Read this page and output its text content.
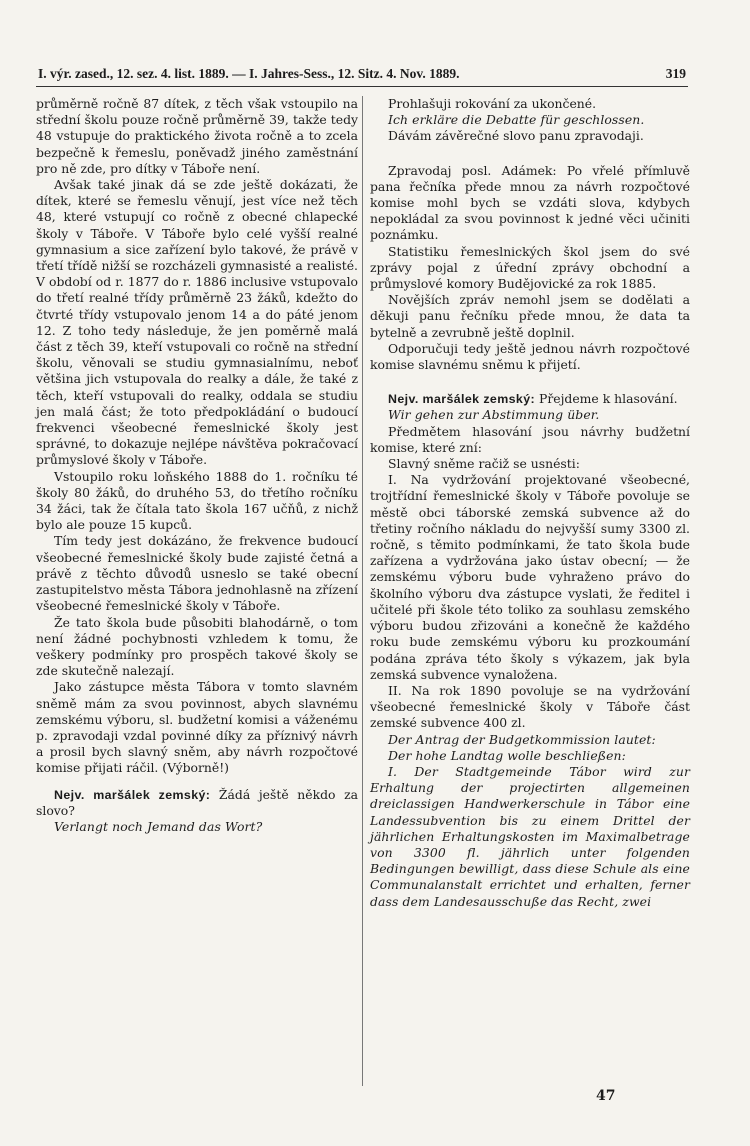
I. výr. zased., 12. sez. 4. list. 1889. — I. Jahres-Sess., 12. Sitz. 4. Nov. 1889.	319

průměrně ročně 87 dítek, z těch však vstoupilo na střední školu pouze ročně průměrně 39, takže tedy 48 vstupuje do praktického života ročně a to zcela bezpečně k řemeslu, poněvadž jiného zaměstnání pro ně zde, pro dítky v Táboře není.

Avšak také jinak dá se zde ještě dokázati, že dítek, které se řemeslu věnují, jest více než těch 48, které vstupují co ročně z obecné chlapecké školy v Táboře. V Táboře bylo celé vyšší realné gymnasium a sice zařízení bylo takové, že právě v třetí třídě nižší se rozcházeli gymnasisté a realisté. V období od r. 1877 do r. 1886 inclusive vstupovalo do třetí realné třídy průměrně 23 žáků, kdežto do čtvrté třídy vstupovalo jenom 14 a do páté jenom 12. Z toho tedy následuje, že jen poměrně malá část z těch 39, kteří vstupovali co ročně na střední školu, věnovali se studiu gymnasialnímu, neboť většina jich vstupovala do realky a dále, že také z těch, kteří vstupovali do realky, oddala se studiu jen malá část; že toto předpokládání o budoucí frekvenci všeobecné řemeslnické školy jest správné, to dokazuje nejlépe návštěva pokračovací průmyslové školy v Táboře.

Vstoupilo roku loňského 1888 do 1. ročníku té školy 80 žáků, do druhého 53, do třetího ročníku 34 žáci, tak že čítala tato škola 167 učňů, z nichž bylo ale pouze 15 kupců.

Tím tedy jest dokázáno, že frekvence budoucí všeobecné řemeslnické školy bude zajisté četná a právě z těchto důvodů usneslo se také obecní zastupitelstvo města Tábora jednohlasně na zřízení všeobecné řemeslnické školy v Táboře.

Že tato škola bude působiti blahodárně, o tom není žádné pochybnosti vzhledem k tomu, že veškery podmínky pro prospěch takové školy se zde skutečně nalezají.

Jako zástupce města Tábora v tomto slavném sněmě mám za svou povinnost, abych slavnému zemskému výboru, sl. budžetní komisi a váženému p. zpravodaji vzdal povinné díky za příznivý návrh a prosil bych slavný sněm, aby návrh rozpočtové komise přijati ráčil. (Výborně!)

Nejv. maršálek zemský: Žádá ještě někdo za slovo?

Verlangt noch Jemand das Wort?

Prohlašuji rokování za ukončené.

Ich erkläre die Debatte für geschlossen.

Dávám závěrečné slovo panu zpravodaji.

Zpravodaj posl. Adámek: Po vřelé přímluvě pana řečníka přede mnou za návrh rozpočtové komise mohl bych se vzdáti slova, kdybych nepokládal za svou povinnost k jedné věci učiniti poznámku.

Statistiku řemeslnických škol jsem do své zprávy pojal z úřední zprávy obchodní a průmyslové komory Budějovické za rok 1885.

Novějších zpráv nemohl jsem se dodělati a děkuji panu řečníku přede mnou, že data ta bytelně a zevrubně ještě doplnil.

Odporučuji tedy ještě jednou návrh rozpočtové komise slavnému sněmu k přijetí.

Nejv. maršálek zemský: Přejdeme k hlasování.

Wir gehen zur Abstimmung über.

Předmětem hlasování jsou návrhy budžetní komise, které zní:

Slavný sněme račiž se usnésti:

I. Na vydržování projektované všeobecné, trojtřídní řemeslnické školy v Táboře povoluje se městě obci táborské zemská subvence až do třetiny ročního nákladu do nejvyšší sumy 3300 zl. ročně, s těmito podmínkami, že tato škola bude zařízena a vydržována jako ústav obecní; — že zemskému výboru bude vyhraženo právo do školního výboru dva zástupce vyslati, že ředitel i učitelé při škole této toliko za souhlasu zemského výboru budou zřizováni a konečně že každého roku bude zemskému výboru ku prozkoumání podána zpráva této školy s výkazem, jak byla zemská subvence vynaložena.

II. Na rok 1890 povoluje se na vydržování všeobecné řemeslnické školy v Táboře část zemské subvence 400 zl.

Der Antrag der Budgetkommission lautet:

Der hohe Landtag wolle beschließen:

I. Der Stadtgemeinde Tábor wird zur Erhaltung der projectirten allgemeinen dreiclassigen Handwerkerschule in Tábor eine Landessubvention bis zu einem Drittel der jährlichen Erhaltungskosten im Maximalbetrage von 3300 fl. jährlich unter folgenden Bedingungen bewilligt, dass diese Schule als eine Communalanstalt errichtet und erhalten, ferner dass dem Landesausschuße das Recht, zwei

47
